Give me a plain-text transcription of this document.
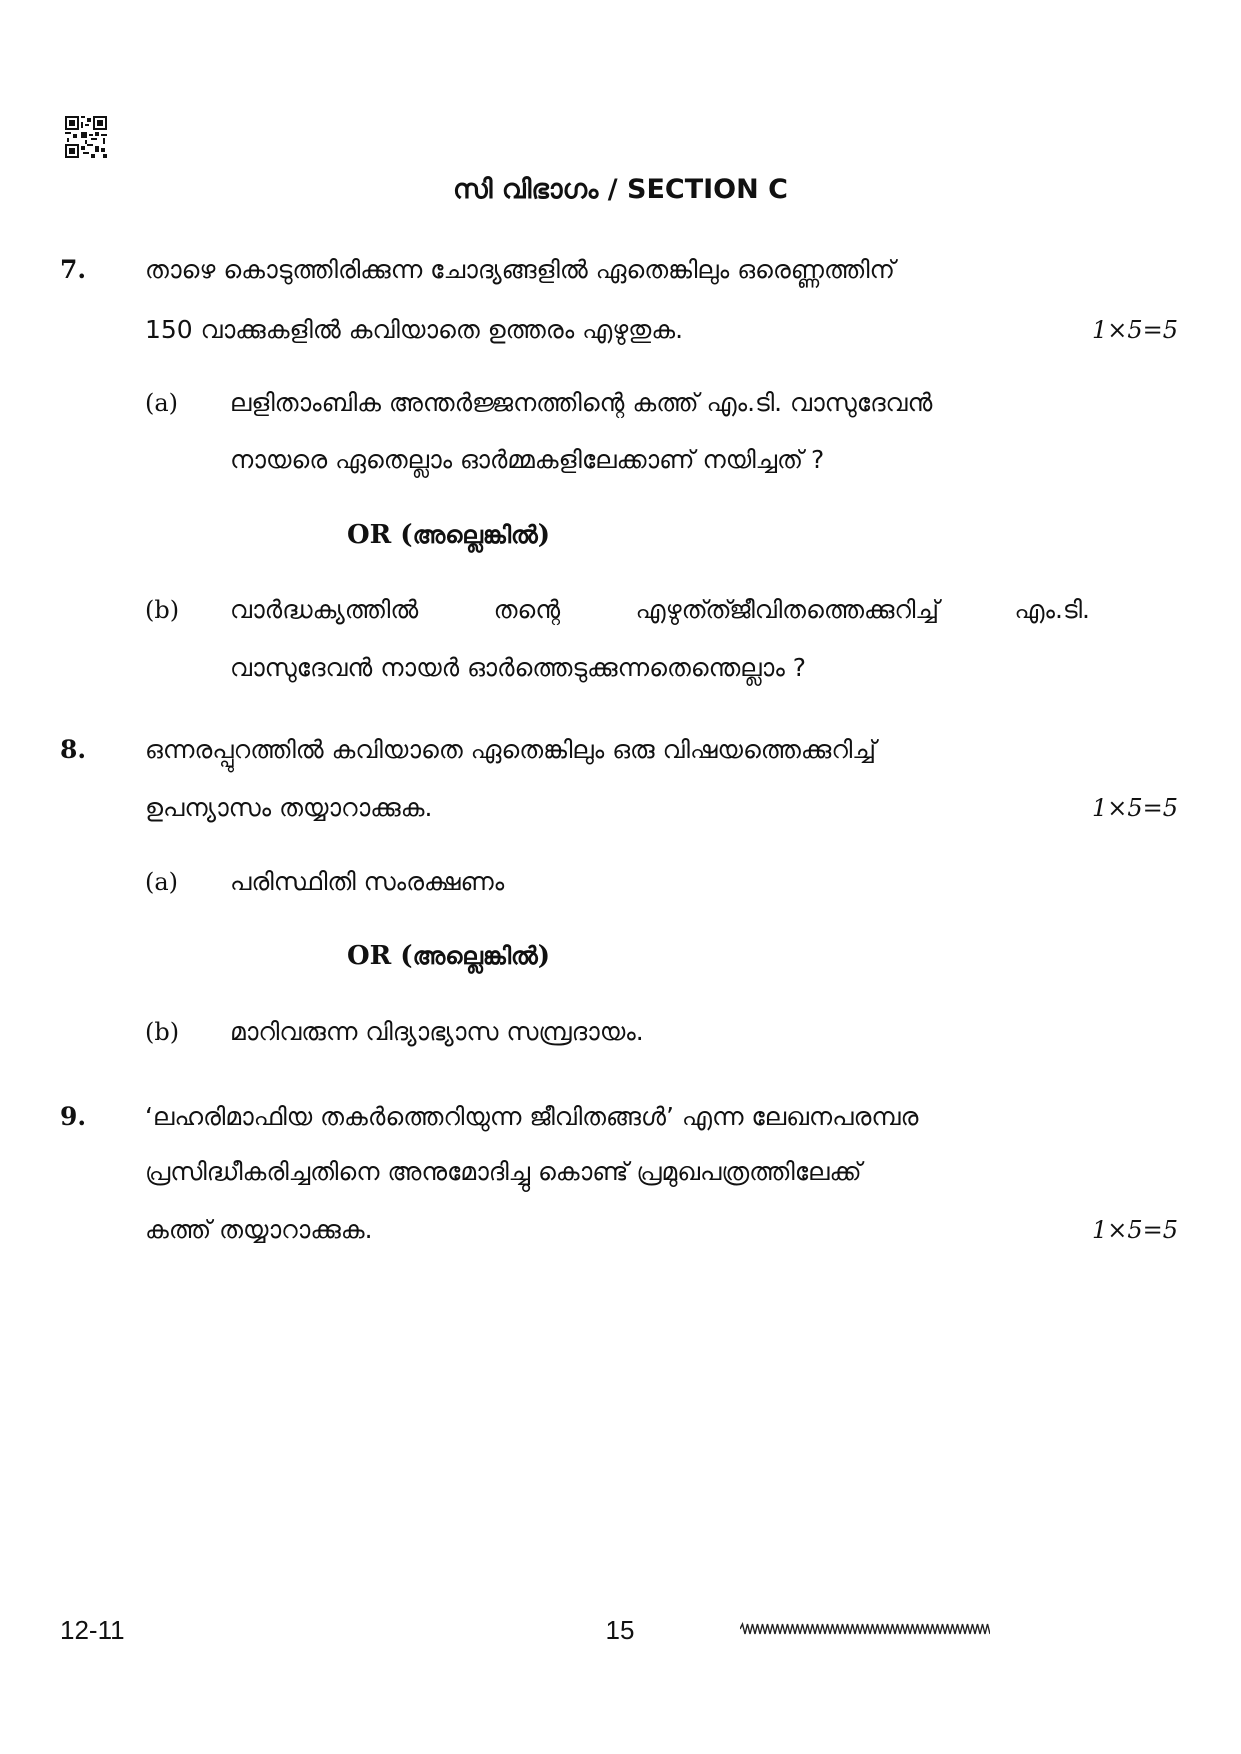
സി വിഭാഗം / SECTION C
7. താഴെ കൊടുത്തിരിക്കുന്ന ചോദ്യങ്ങളിൽ ഏതെങ്കിലും ഒരെണ്ണത്തിന്
150 വാക്കുകളിൽ കവിയാതെ ഉത്തരം എഴുതുക.	1×5=5
(a) ലളിതാംബിക അന്തർജ്ജനത്തിന്റെ കത്ത് എം.ടി. വാസുദേവൻ
നായരെ ഏതെല്ലാം ഓർമ്മകളിലേക്കാണ് നയിച്ചത് ?
OR (അല്ലെങ്കിൽ)
(b) വാർദ്ധക്യത്തിൽ തന്റെ എഴുത്ത്ജീവിതത്തെക്കുറിച്ച് എം.ടി.
വാസുദേവൻ നായർ ഓർത്തെടുക്കുന്നതെന്തെല്ലാം ?
8. ഒന്നരപ്പുറത്തിൽ കവിയാതെ ഏതെങ്കിലും ഒരു വിഷയത്തെക്കുറിച്ച്
ഉപന്യാസം തയ്യാറാക്കുക.	1×5=5
(a) പരിസ്ഥിതി സംരക്ഷണം
OR (അല്ലെങ്കിൽ)
(b) മാറിവരുന്ന വിദ്യാഭ്യാസ സമ്പ്രദായം.
9. ‘ലഹരിമാഫിയ തകർത്തെറിയുന്ന ജീവിതങ്ങൾ’ എന്ന ലേഖനപരമ്പര
പ്രസിദ്ധീകരിച്ചതിനെ അനുമോദിച്ചു കൊണ്ട് പ്രമുഖപത്രത്തിലേക്ക്
കത്ത് തയ്യാറാക്കുക.	1×5=5
12-11	15
